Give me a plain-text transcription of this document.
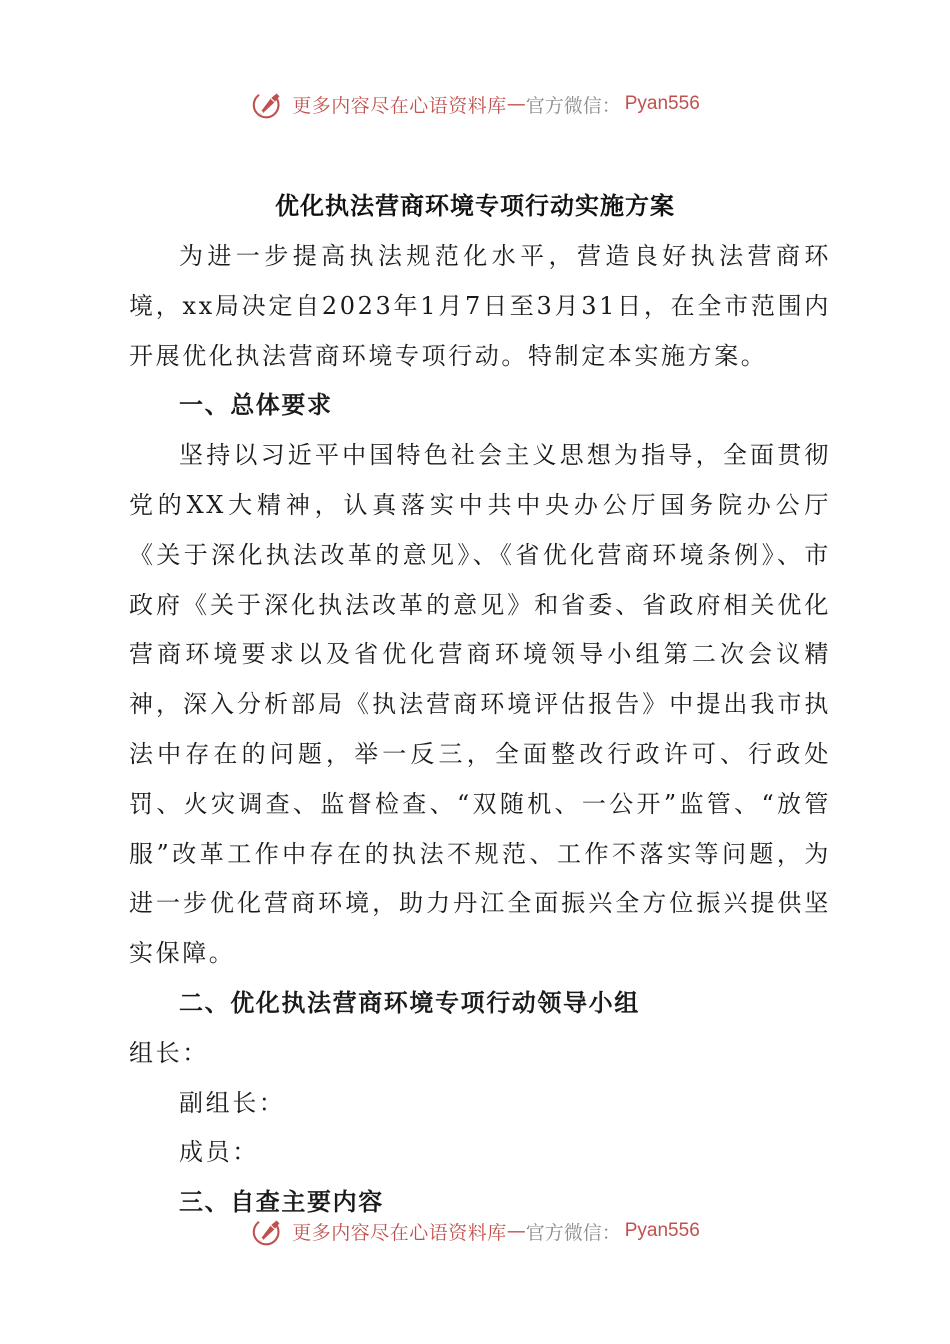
更多内容尽在心语资料库 — 官方微信： Pyan556
优化执法营商环境专项行动实施方案

为进一步提高执法规范化水平，营造良好执法营商环境，xx局决定自2023年1月7日至3月31日，在全市范围内开展优化执法营商环境专项行动。特制定本实施方案。

一、总体要求

坚持以习近平中国特色社会主义思想为指导，全面贯彻党的XX大精神，认真落实中共中央办公厅国务院办公厅《关于深化执法改革的意见》、《省优化营商环境条例》、市政府《关于深化执法改革的意见》和省委、省政府相关优化营商环境要求以及省优化营商环境领导小组第二次会议精神，深入分析部局《执法营商环境评估报告》中提出我市执法中存在的问题，举一反三，全面整改行政许可、行政处罚、火灾调查、监督检查、“双随机、一公开”监管、“放管服”改革工作中存在的执法不规范、工作不落实等问题，为进一步优化营商环境，助力丹江全面振兴全方位振兴提供坚实保障。

二、优化执法营商环境专项行动领导小组

组长：

副组长：

成员：

三、自查主要内容

更多内容尽在心语资料库 — 官方微信： Pyan556
